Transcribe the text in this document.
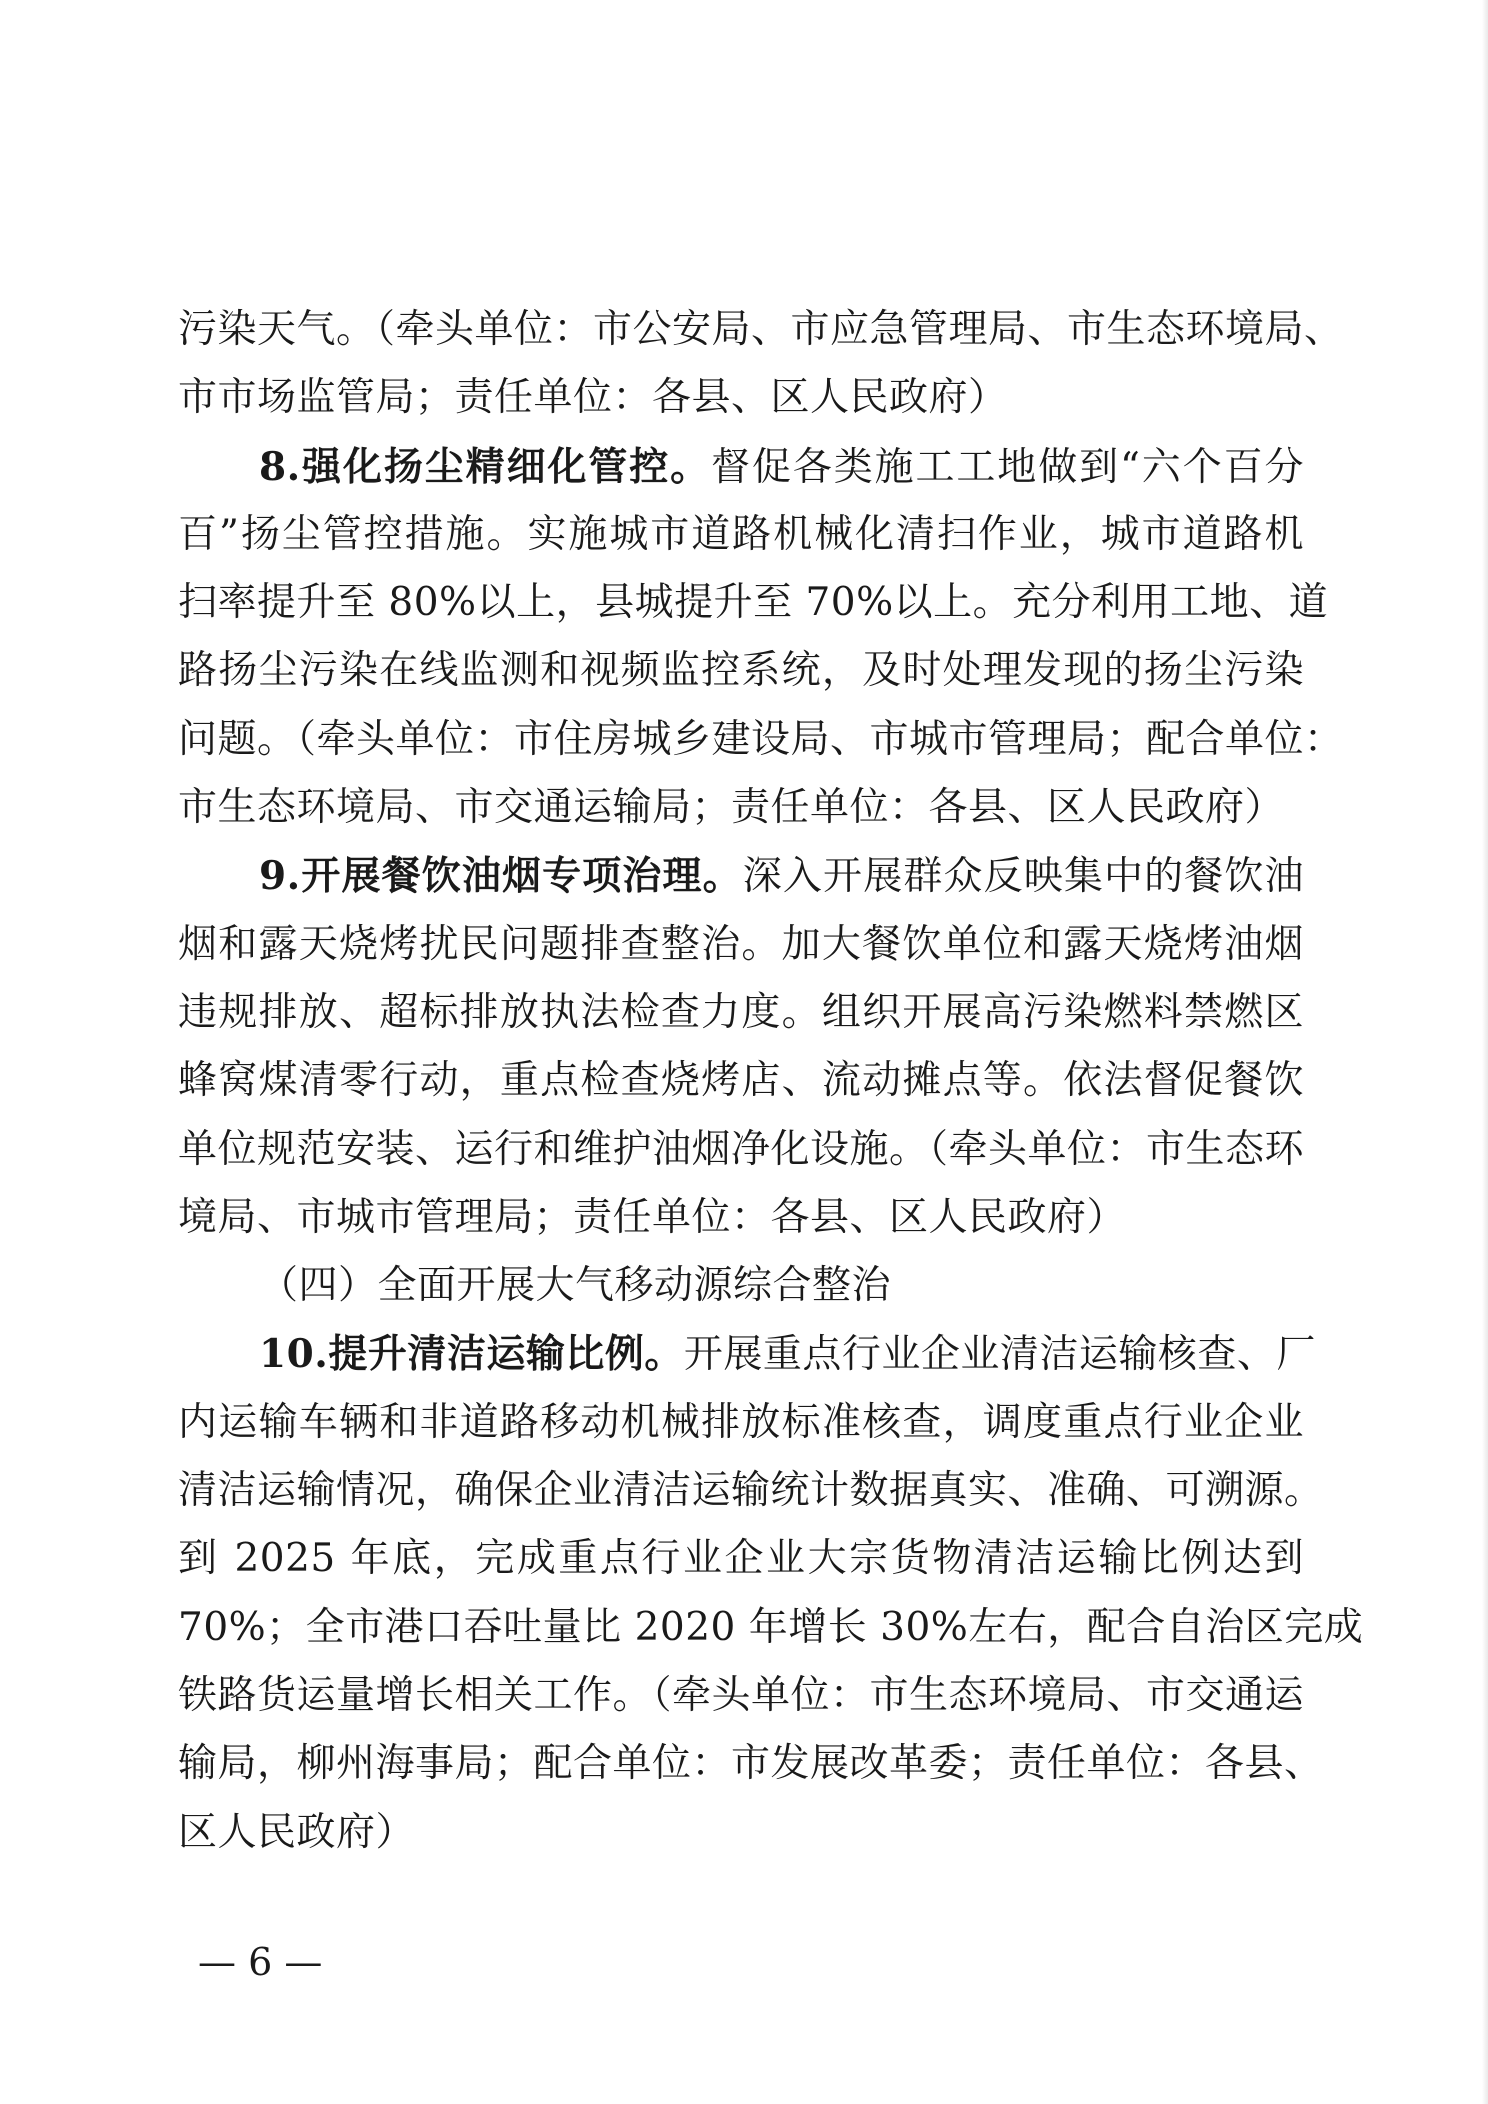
污染天气。（牵头单位：市公安局、市应急管理局、市生态环境局、
市市场监管局；责任单位：各县、区人民政府）
8.强化扬尘精细化管控。督促各类施工工地做到“六个百分
百”扬尘管控措施。实施城市道路机械化清扫作业，城市道路机
扫率提升至 80%以上，县城提升至 70%以上。充分利用工地、道
路扬尘污染在线监测和视频监控系统，及时处理发现的扬尘污染
问题。（牵头单位：市住房城乡建设局、市城市管理局；配合单位：
市生态环境局、市交通运输局；责任单位：各县、区人民政府）
9.开展餐饮油烟专项治理。深入开展群众反映集中的餐饮油
烟和露天烧烤扰民问题排查整治。加大餐饮单位和露天烧烤油烟
违规排放、超标排放执法检查力度。组织开展高污染燃料禁燃区
蜂窝煤清零行动，重点检查烧烤店、流动摊点等。依法督促餐饮
单位规范安装、运行和维护油烟净化设施。（牵头单位：市生态环
境局、市城市管理局；责任单位：各县、区人民政府）
（四）全面开展大气移动源综合整治
10.提升清洁运输比例。开展重点行业企业清洁运输核查、厂
内运输车辆和非道路移动机械排放标准核查，调度重点行业企业
清洁运输情况，确保企业清洁运输统计数据真实、准确、可溯源。
到 2025 年底，完成重点行业企业大宗货物清洁运输比例达到
70%；全市港口吞吐量比 2020 年增长 30%左右，配合自治区完成
铁路货运量增长相关工作。（牵头单位：市生态环境局、市交通运
输局，柳州海事局；配合单位：市发展改革委；责任单位：各县、
区人民政府）
— 6 —
